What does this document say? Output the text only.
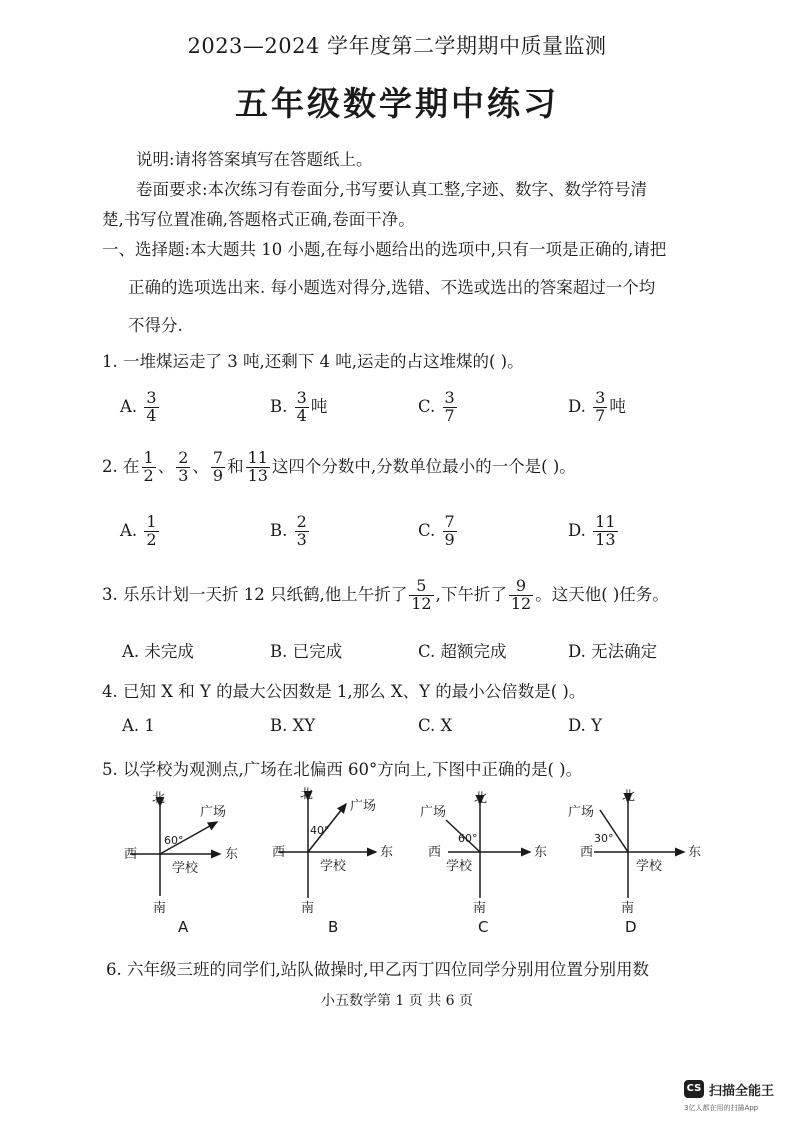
2023—2024 学年度第二学期期中质量监测
五年级数学期中练习
说明:请将答案填写在答题纸上。
卷面要求:本次练习有卷面分,书写要认真工整,字迹、数字、数学符号清
楚,书写位置准确,答题格式正确,卷面干净。
一、选择题:本大题共 10 小题,在每小题给出的选项中,只有一项是正确的,请把
正确的选项选出来. 每小题选对得分,选错、不选或选出的答案超过一个均
不得分.
1. 一堆煤运走了 3 吨,还剩下 4 吨,运走的占这堆煤的( )。
A. $\frac{3}{4}$	B. $\frac{3}{4}$ 吨	C. $\frac{3}{7}$	D. $\frac{3}{7}$ 吨
2. 在 $\frac{1}{2}$ 、 $\frac{2}{3}$ 、 $\frac{7}{9}$ 和 $\frac{11}{13}$ 这四个分数中,分数单位最小的一个是( )。
A. $\frac{1}{2}$	B. $\frac{2}{3}$	C. $\frac{7}{9}$	D. $\frac{11}{13}$
3. 乐乐计划一天折 12 只纸鹤,他上午折了 $\frac{5}{12}$ ,下午折了 $\frac{9}{12}$ 。这天他( )任务。
A. 未完成	B. 已完成	C. 超额完成	D. 无法确定
4. 已知 X 和 Y 的最大公因数是 1,那么 X、Y 的最小公倍数是( )。
A. 1	B. XY	C. X	D. Y
5. 以学校为观测点,广场在北偏西 60°方向上,下图中正确的是( )。
北
西	东
南
学校
广场
60°
A
北
西	东
南
学校
广场
40°
B
北
西	东
南
学校
广场
60°
C
北
西	东
南
学校
广场
30°
D
6. 六年级三班的同学们,站队做操时,甲乙丙丁四位同学分别用位置分别用数
小五数学第 1 页 共 6 页
CS 扫描全能王
3亿人都在用的扫描App
